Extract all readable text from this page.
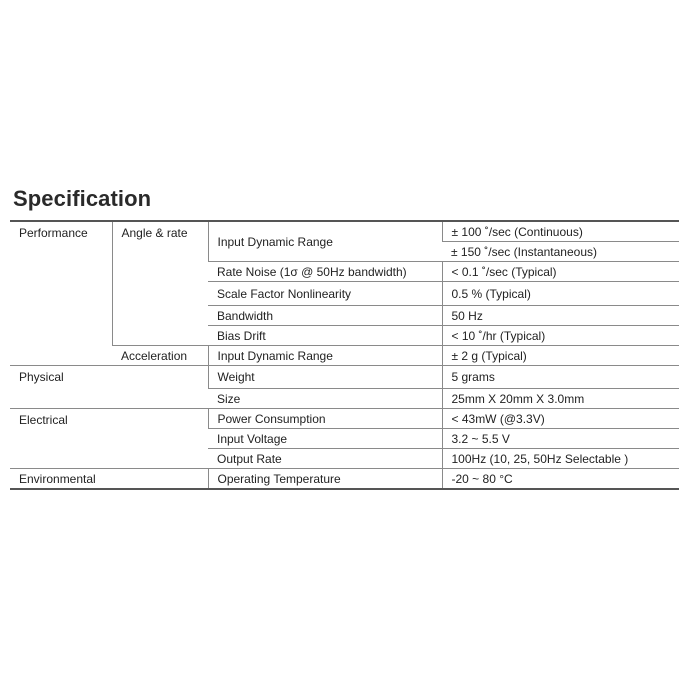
Specification
Performance	Angle & rate	Input Dynamic Range	± 100 ˚/sec (Continuous)
			± 150 ˚/sec (Instantaneous)
		Rate Noise (1σ @ 50Hz bandwidth)	< 0.1 ˚/sec (Typical)
		Scale Factor Nonlinearity	0.5 % (Typical)
		Bandwidth	50 Hz
		Bias Drift	< 10 ˚/hr (Typical)
	Acceleration	Input Dynamic Range	± 2 g (Typical)
Physical		Weight	5 grams
		Size	25mm X 20mm X 3.0mm
Electrical		Power Consumption	< 43mW (@3.3V)
		Input Voltage	3.2 ~ 5.5 V
		Output Rate	100Hz (10, 25, 50Hz Selectable )
Environmental		Operating Temperature	-20 ~ 80 °C
